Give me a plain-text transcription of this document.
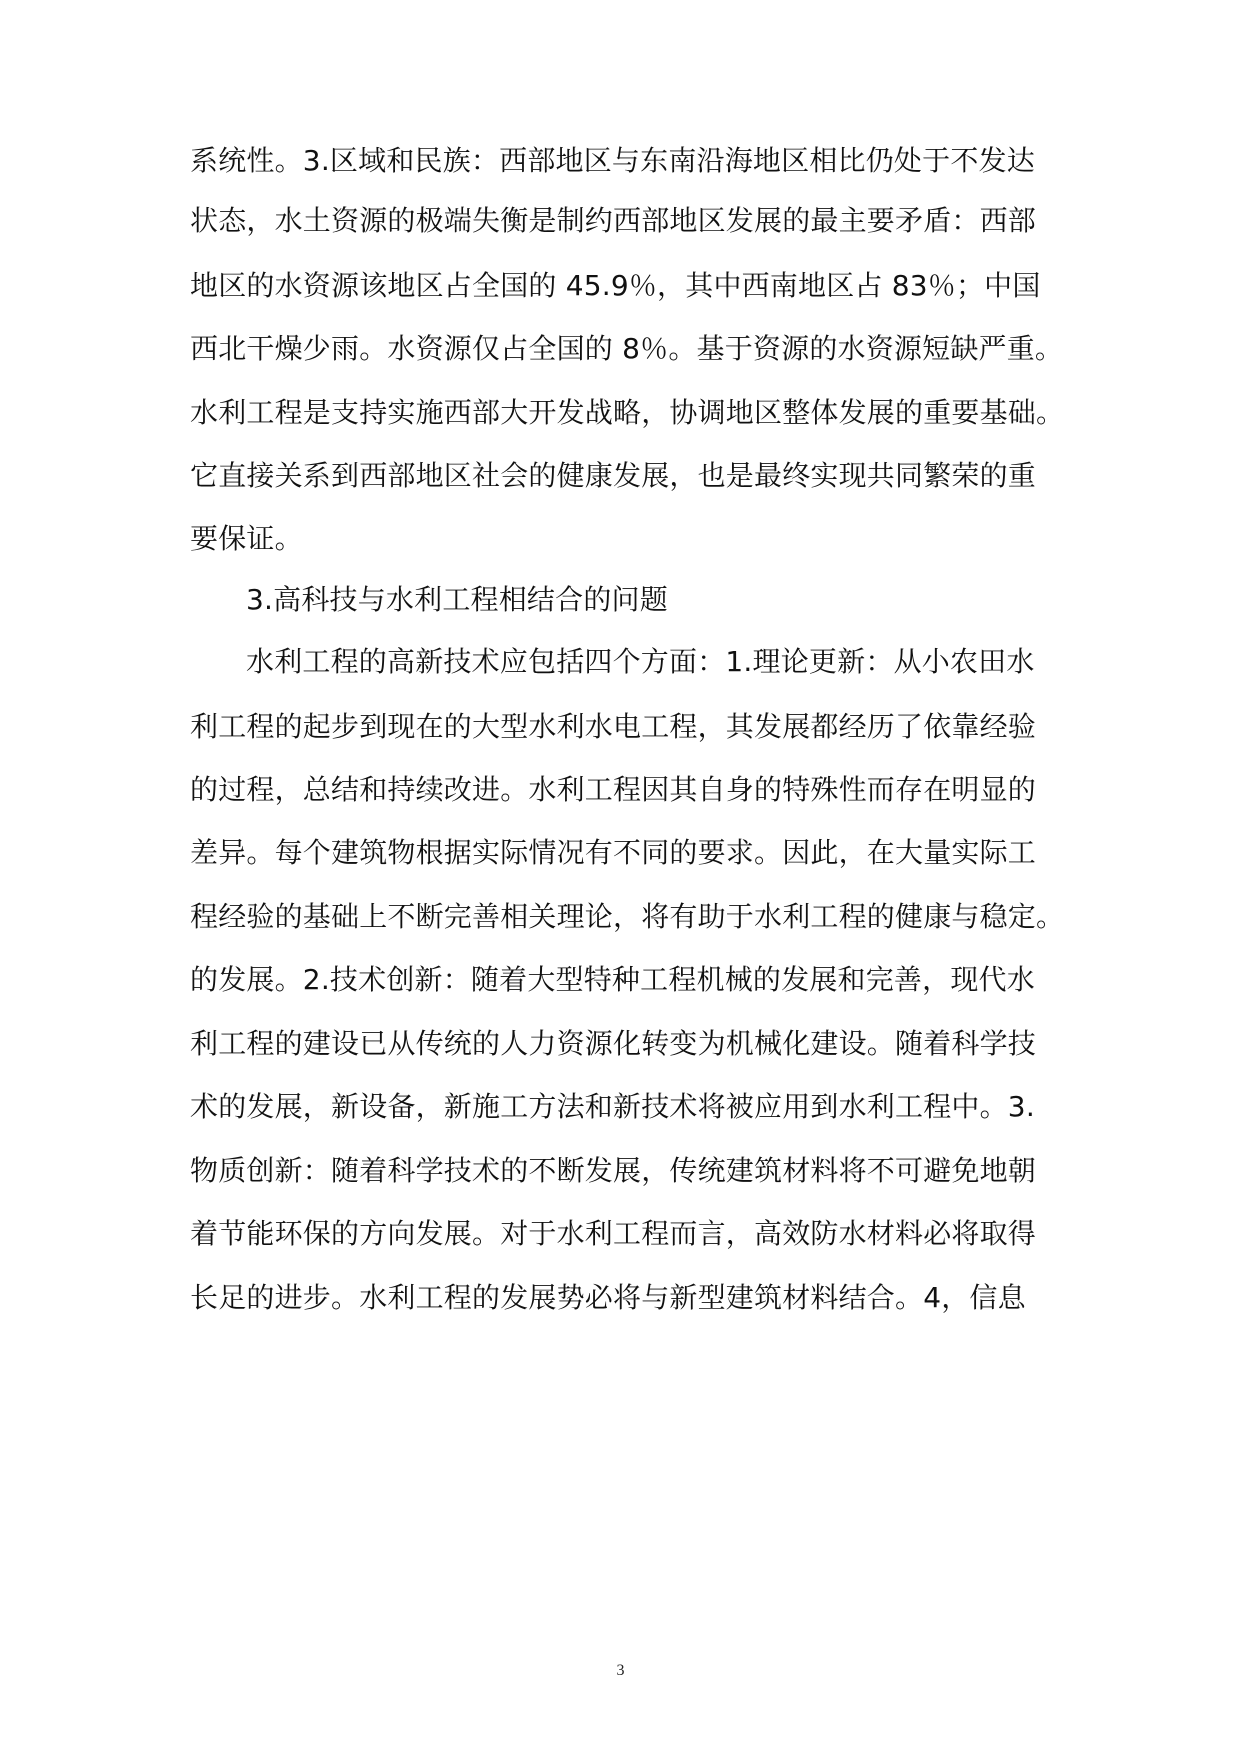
系统性。3.区域和民族：西部地区与东南沿海地区相比仍处于不发达
状态，水土资源的极端失衡是制约西部地区发展的最主要矛盾：西部
地区的水资源该地区占全国的 45.9％，其中西南地区占 83％；中国
西北干燥少雨。水资源仅占全国的 8％。基于资源的水资源短缺严重。
水利工程是支持实施西部大开发战略，协调地区整体发展的重要基础。
它直接关系到西部地区社会的健康发展，也是最终实现共同繁荣的重
要保证。
3.高科技与水利工程相结合的问题
水利工程的高新技术应包括四个方面：1.理论更新：从小农田水
利工程的起步到现在的大型水利水电工程，其发展都经历了依靠经验
的过程，总结和持续改进。水利工程因其自身的特殊性而存在明显的
差异。每个建筑物根据实际情况有不同的要求。因此，在大量实际工
程经验的基础上不断完善相关理论，将有助于水利工程的健康与稳定。
的发展。2.技术创新：随着大型特种工程机械的发展和完善，现代水
利工程的建设已从传统的人力资源化转变为机械化建设。随着科学技
术的发展，新设备，新施工方法和新技术将被应用到水利工程中。3.
物质创新：随着科学技术的不断发展，传统建筑材料将不可避免地朝
着节能环保的方向发展。对于水利工程而言，高效防水材料必将取得
长足的进步。水利工程的发展势必将与新型建筑材料结合。4，信息
3
